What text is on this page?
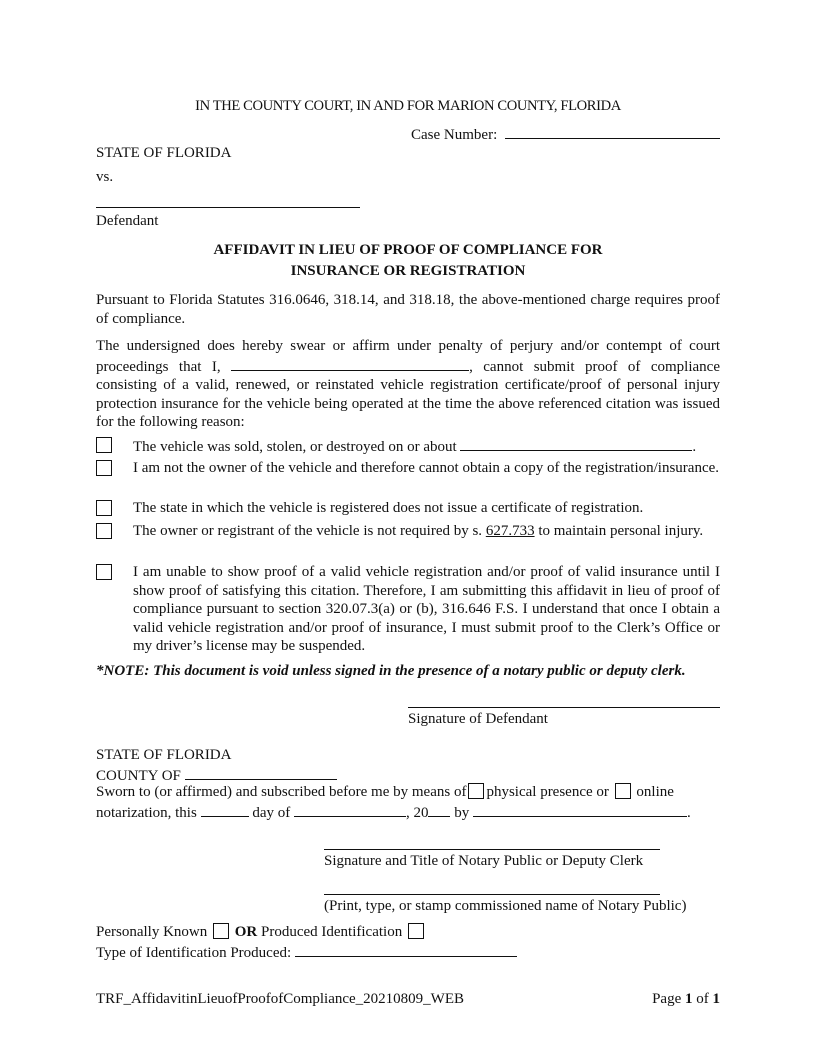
IN THE COUNTY COURT, IN AND FOR MARION COUNTY, FLORIDA
Case Number:
STATE OF FLORIDA
vs.
Defendant
AFFIDAVIT IN LIEU OF PROOF OF COMPLIANCE FOR
INSURANCE OR REGISTRATION
Pursuant to Florida Statutes 316.0646, 318.14, and 318.18, the above-mentioned charge requires proof of compliance.
The undersigned does hereby swear or affirm under penalty of perjury and/or contempt of court proceedings that I,	, cannot submit proof of compliance consisting of a valid, renewed, or reinstated vehicle registration certificate/proof of personal injury protection insurance for the vehicle being operated at the time the above referenced citation was issued for the following reason:
The vehicle was sold, stolen, or destroyed on or about	.
I am not the owner of the vehicle and therefore cannot obtain a copy of the registration/insurance.
The state in which the vehicle is registered does not issue a certificate of registration.
The owner or registrant of the vehicle is not required by s. 627.733 to maintain personal injury.
I am unable to show proof of a valid vehicle registration and/or proof of valid insurance until I show proof of satisfying this citation. Therefore, I am submitting this affidavit in lieu of proof of compliance pursuant to section 320.07.3(a) or (b), 316.646 F.S. I understand that once I obtain a valid vehicle registration and/or proof of insurance, I must submit proof to the Clerk’s Office or my driver’s license may be suspended.
*NOTE: This document is void unless signed in the presence of a notary public or deputy clerk.
Signature of Defendant
STATE OF FLORIDA
COUNTY OF
Sworn to (or affirmed) and subscribed before me by means of physical presence or online
notarization, this	day of	, 20 by	.
Signature and Title of Notary Public or Deputy Clerk
(Print, type, or stamp commissioned name of Notary Public)
Personally Known OR Produced Identification
Type of Identification Produced:
TRF_AffidavitinLieuofProofofCompliance_20210809_WEB	Page 1 of 1
